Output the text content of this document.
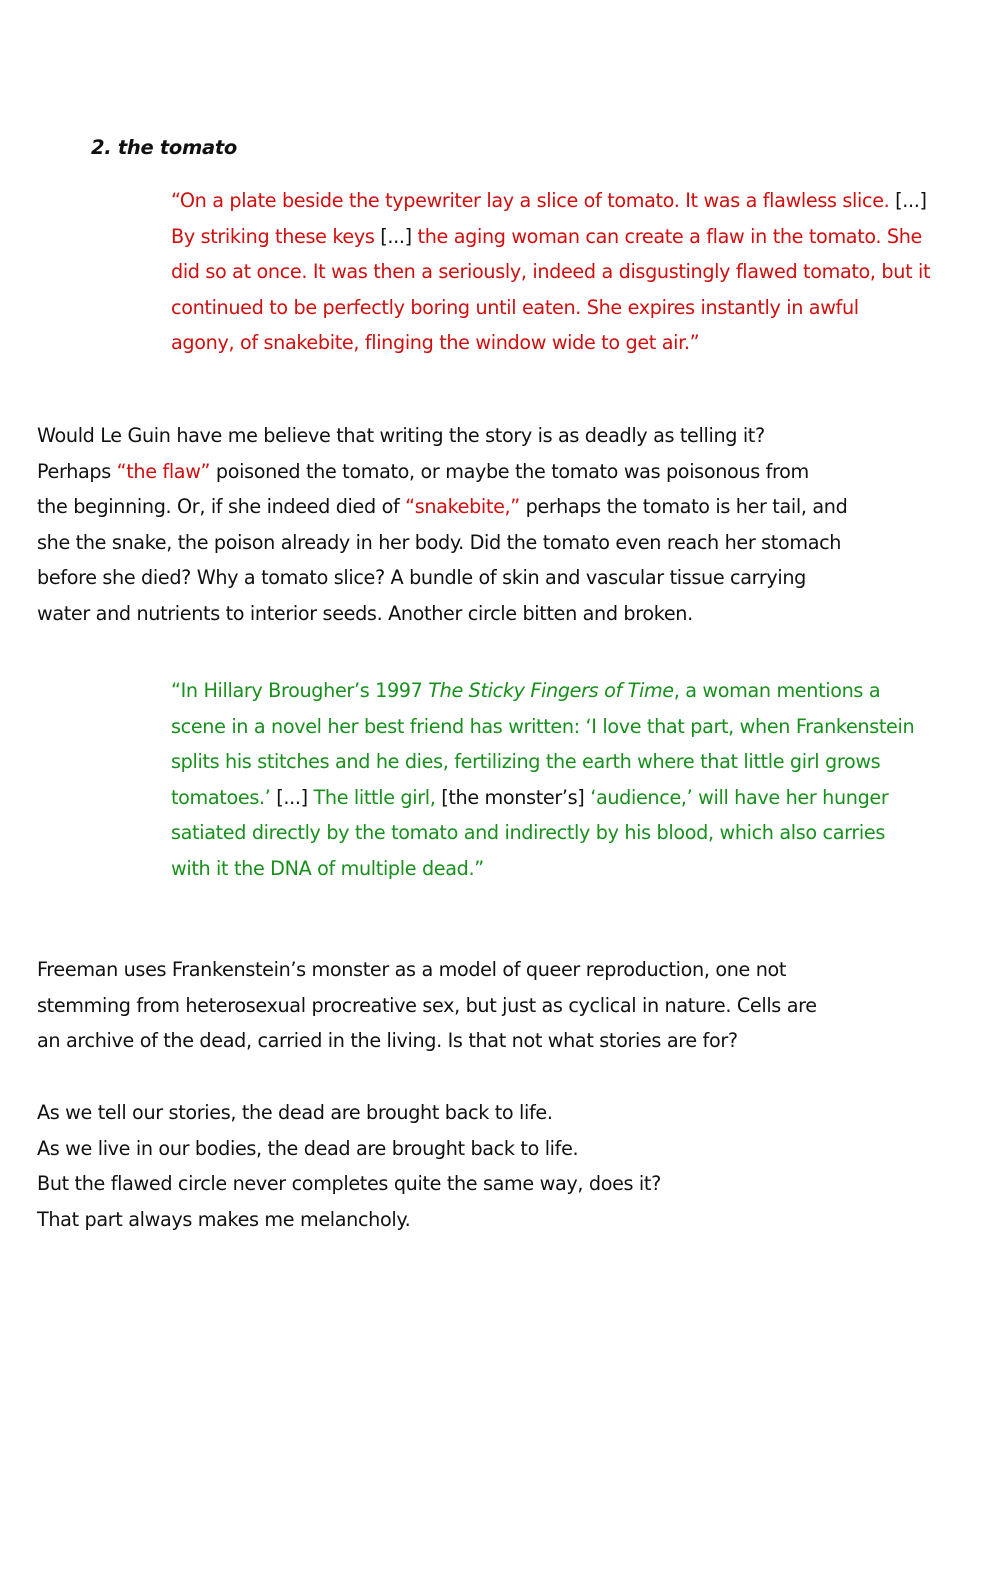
2. the tomato
“On a plate beside the typewriter lay a slice of tomato. It was a flawless slice. [...]
By striking these keys [...] the aging woman can create a flaw in the tomato. She
did so at once. It was then a seriously, indeed a disgustingly flawed tomato, but it
continued to be perfectly boring until eaten. She expires instantly in awful
agony, of snakebite, flinging the window wide to get air.”
Would Le Guin have me believe that writing the story is as deadly as telling it?
Perhaps “the flaw” poisoned the tomato, or maybe the tomato was poisonous from
the beginning. Or, if she indeed died of “snakebite,” perhaps the tomato is her tail, and
she the snake, the poison already in her body. Did the tomato even reach her stomach
before she died? Why a tomato slice? A bundle of skin and vascular tissue carrying
water and nutrients to interior seeds. Another circle bitten and broken.
“In Hillary Brougher’s 1997 The Sticky Fingers of Time, a woman mentions a
scene in a novel her best friend has written: ‘I love that part, when Frankenstein
splits his stitches and he dies, fertilizing the earth where that little girl grows
tomatoes.’ [...] The little girl, [the monster’s] ‘audience,’ will have her hunger
satiated directly by the tomato and indirectly by his blood, which also carries
with it the DNA of multiple dead.”
Freeman uses Frankenstein’s monster as a model of queer reproduction, one not
stemming from heterosexual procreative sex, but just as cyclical in nature. Cells are
an archive of the dead, carried in the living. Is that not what stories are for?
As we tell our stories, the dead are brought back to life.
As we live in our bodies, the dead are brought back to life.
But the flawed circle never completes quite the same way, does it?
That part always makes me melancholy.
